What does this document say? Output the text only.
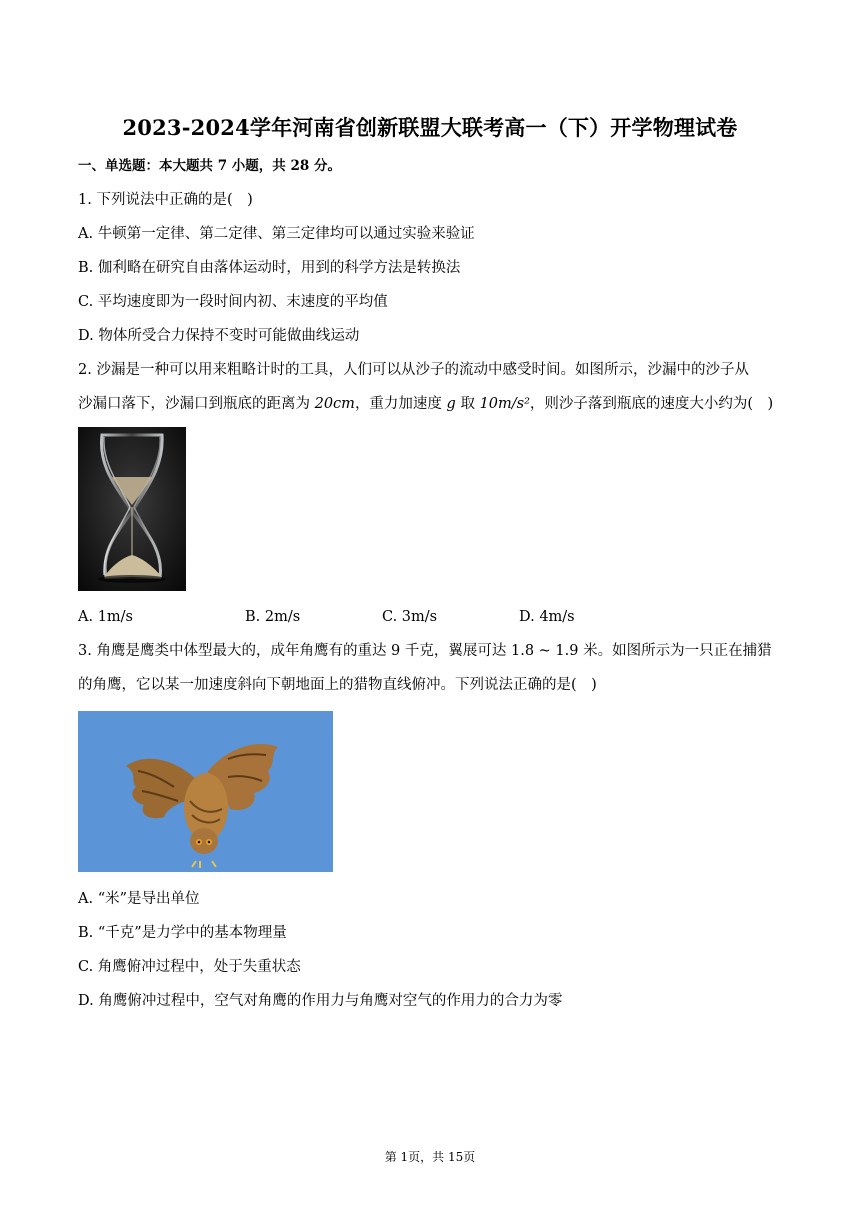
2023-2024学年河南省创新联盟大联考高一（下）开学物理试卷
一、单选题：本大题共 7 小题，共 28 分。
1. 下列说法中正确的是(　)
A. 牛顿第一定律、第二定律、第三定律均可以通过实验来验证
B. 伽利略在研究自由落体运动时，用到的科学方法是转换法
C. 平均速度即为一段时间内初、末速度的平均值
D. 物体所受合力保持不变时可能做曲线运动
2. 沙漏是一种可以用来粗略计时的工具，人们可以从沙子的流动中感受时间。如图所示，沙漏中的沙子从
沙漏口落下，沙漏口到瓶底的距离为 20cm，重力加速度 g 取 10m/s²，则沙子落到瓶底的速度大小约为(　)
A. 1m/s	B. 2m/s	C. 3m/s	D. 4m/s
3. 角鹰是鹰类中体型最大的，成年角鹰有的重达 9 千克，翼展可达 1.8 ~ 1.9 米。如图所示为一只正在捕猎
的角鹰，它以某一加速度斜向下朝地面上的猎物直线俯冲。下列说法正确的是(　)
A. “米”是导出单位
B. “千克”是力学中的基本物理量
C. 角鹰俯冲过程中，处于失重状态
D. 角鹰俯冲过程中，空气对角鹰的作用力与角鹰对空气的作用力的合力为零
第 1页，共 15页
